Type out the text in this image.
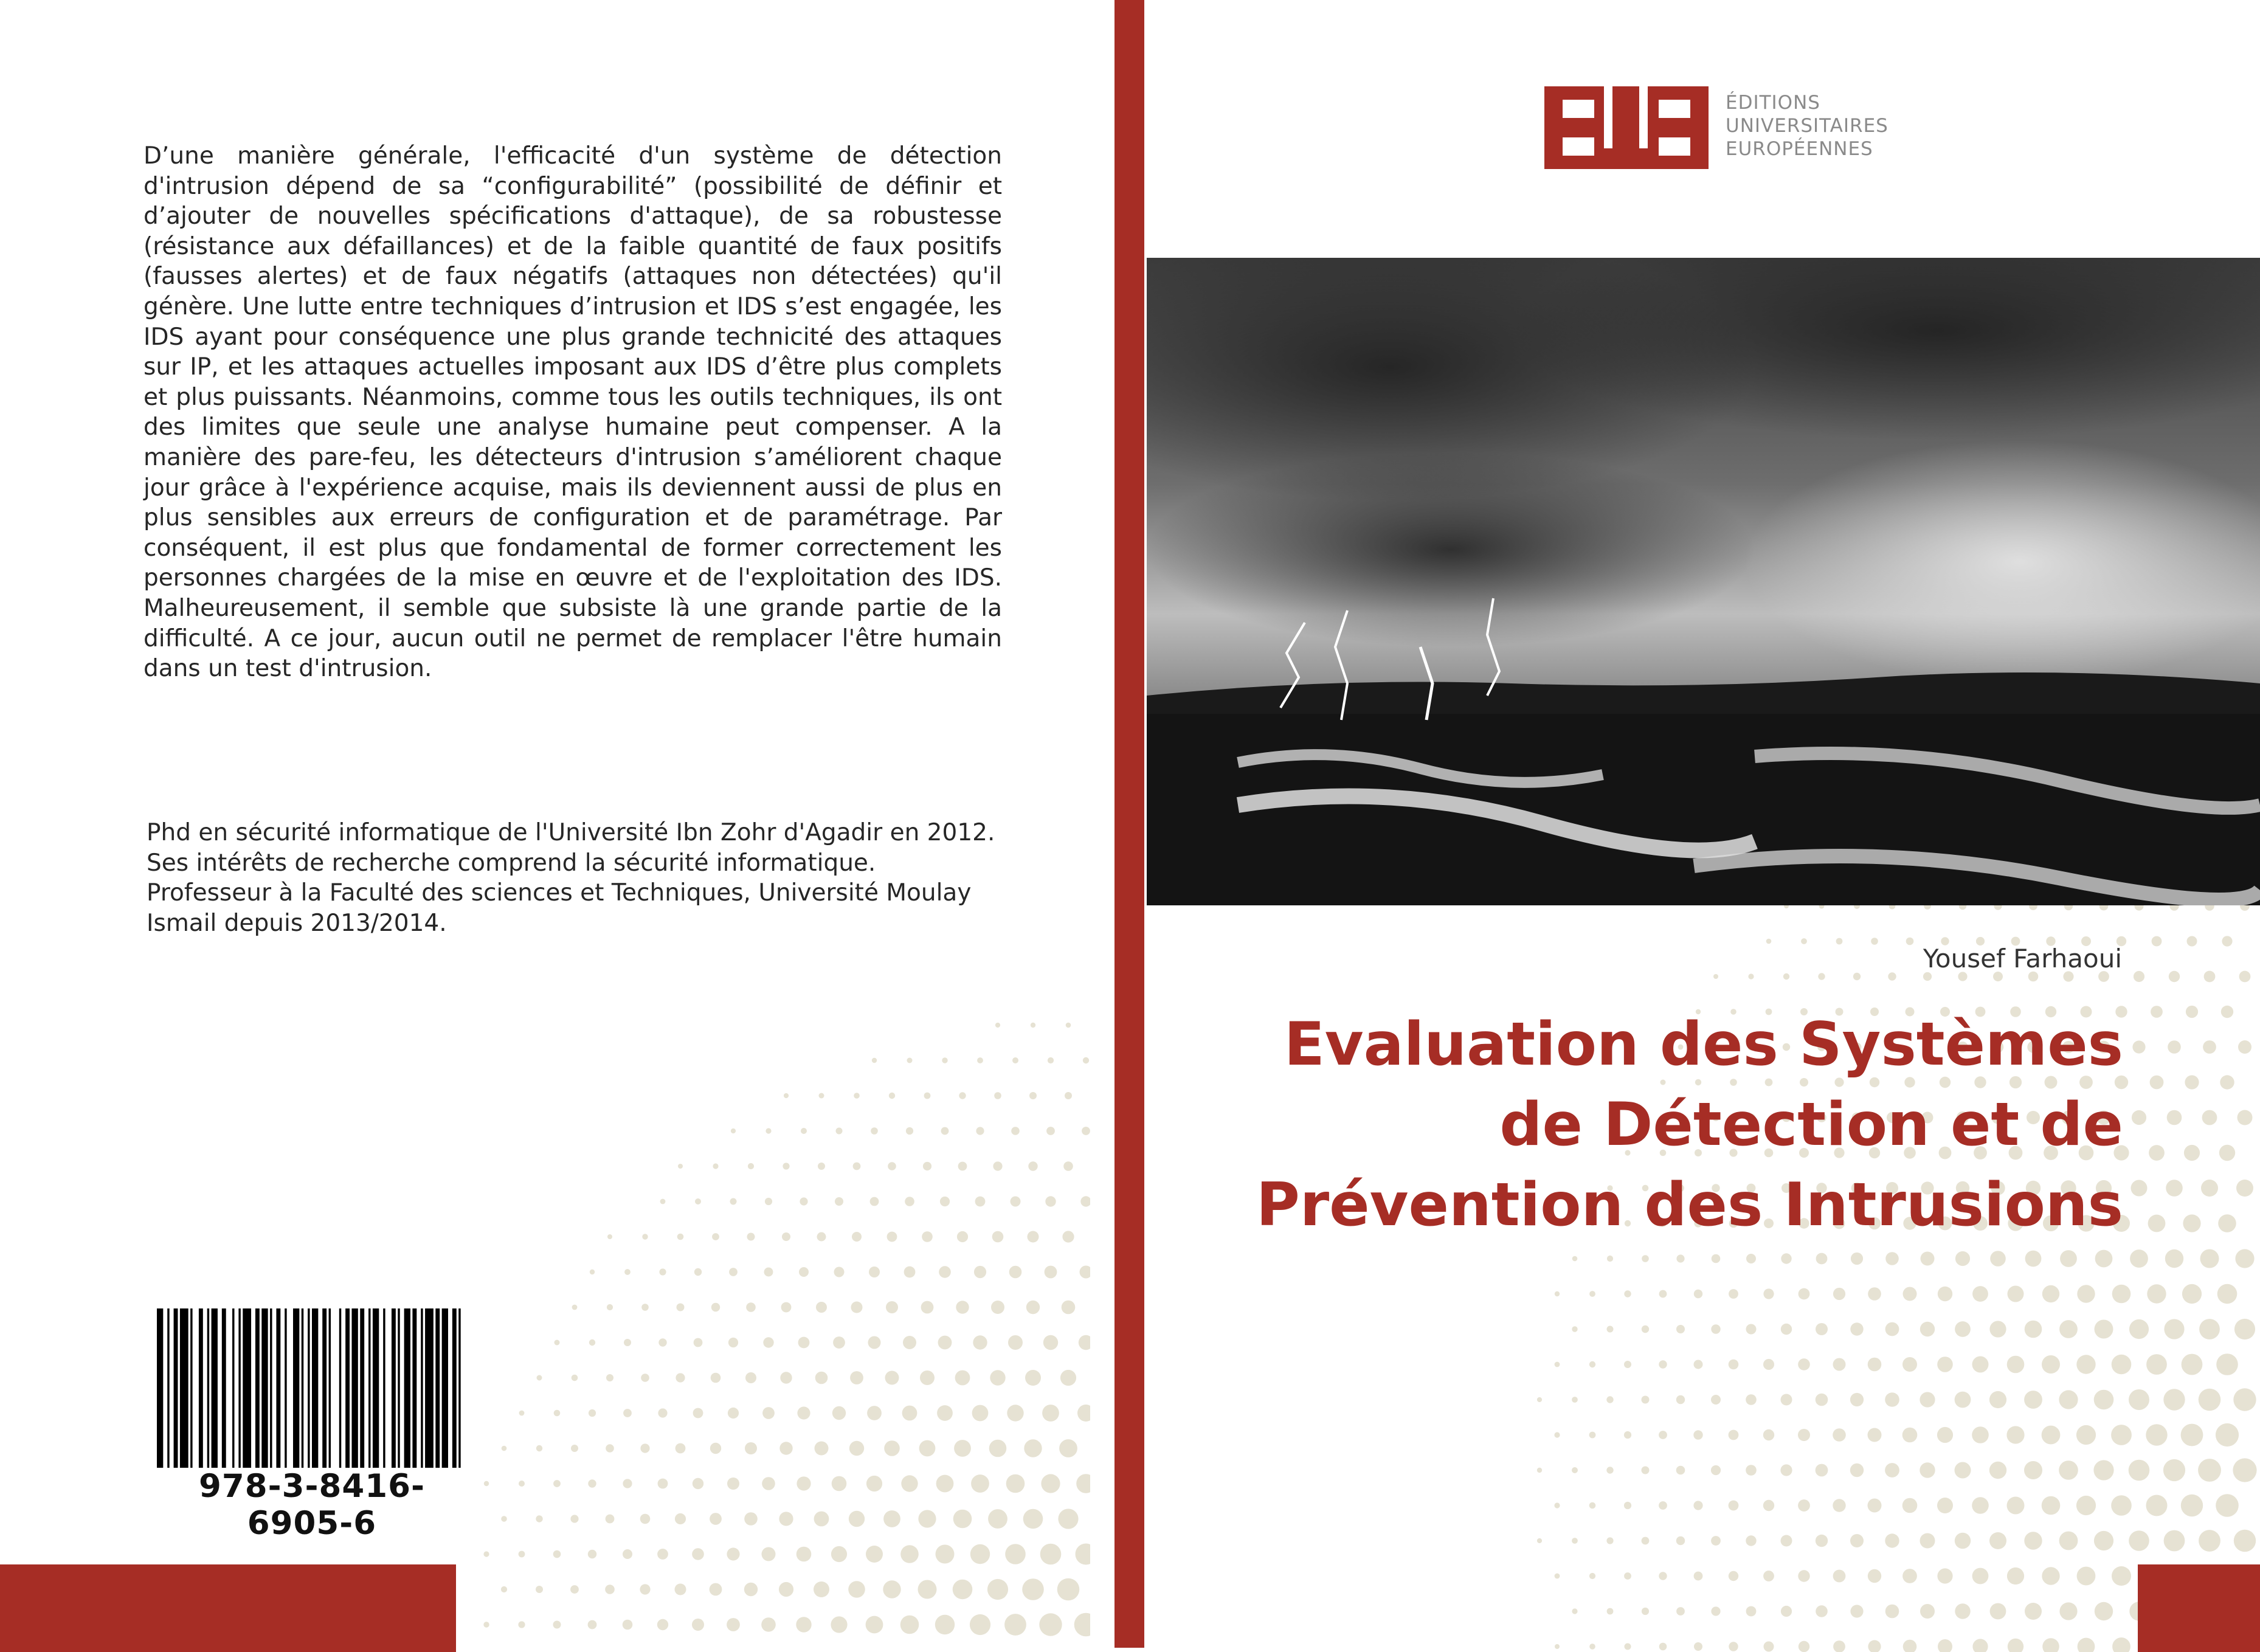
D’une manière générale, l'efficacité d'un système de détection d'intrusion dépend de sa “configurabilité” (possibilité de définir et d’ajouter de nouvelles spécifications d'attaque), de sa robustesse (résistance aux défaillances) et de la faible quantité de faux positifs (fausses alertes) et de faux négatifs (attaques non détectées) qu'il génère. Une lutte entre techniques d’intrusion et IDS s’est engagée, les IDS ayant pour conséquence une plus grande technicité des attaques sur IP, et les attaques actuelles imposant aux IDS d’être plus complets et plus puissants. Néanmoins, comme tous les outils techniques, ils ont des limites que seule une analyse humaine peut compenser. A la manière des pare-feu, les détecteurs d'intrusion s’améliorent chaque jour grâce à l'expérience acquise, mais ils deviennent aussi de plus en plus sensibles aux erreurs de configuration et de paramétrage. Par conséquent, il est plus que fondamental de former correctement les personnes chargées de la mise en œuvre et de l'exploitation des IDS. Malheureusement, il semble que subsiste là une grande partie de la difficulté. A ce jour, aucun outil ne permet de remplacer l'être humain dans un test d'intrusion.
Phd en sécurité informatique de l'Université Ibn Zohr d'Agadir en 2012. Ses intérêts de recherche comprend la sécurité informatique. Professeur à la Faculté des sciences et Techniques, Université Moulay Ismail depuis 2013/2014.
978-3-8416-6905-6
ÉDITIONS
UNIVERSITAIRES
EUROPÉENNES
Yousef Farhaoui
Evaluation des Systèmes
de Détection et de
Prévention des Intrusions
